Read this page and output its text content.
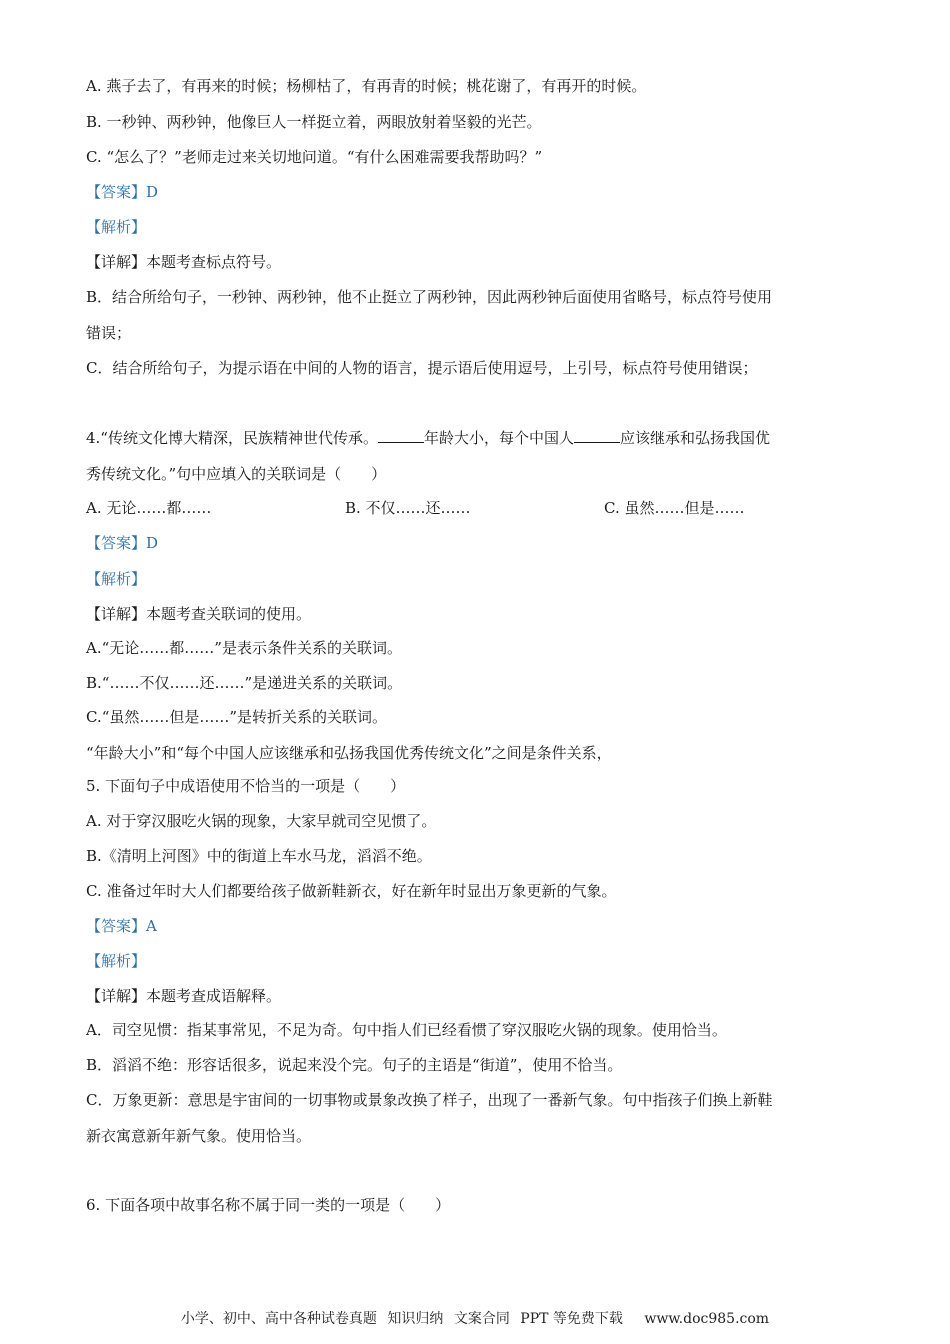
A. 燕子去了，有再来的时候；杨柳枯了，有再青的时候；桃花谢了，有再开的时候。
B. 一秒钟、两秒钟，他像巨人一样挺立着，两眼放射着坚毅的光芒。
C. “怎么了？”老师走过来关切地问道。“有什么困难需要我帮助吗？”
【答案】D
【解析】
【详解】本题考查标点符号。
B．结合所给句子，一秒钟、两秒钟，他不止挺立了两秒钟，因此两秒钟后面使用省略号，标点符号使用
错误；
C．结合所给句子，为提示语在中间的人物的语言，提示语后使用逗号，上引号，标点符号使用错误；
4.“传统文化博大精深，民族精神世代传承。	年龄大小，每个中国人	应该继承和弘扬我国优
秀传统文化。”句中应填入的关联词是（　　）
A. 无论……都……	B. 不仅……还……	C. 虽然……但是……
【答案】D
【解析】
【详解】本题考查关联词的使用。
A.“无论……都……”是表示条件关系的关联词。
B.“……不仅……还……”是递进关系的关联词。
C.“虽然……但是……”是转折关系的关联词。
“年龄大小”和“每个中国人应该继承和弘扬我国优秀传统文化”之间是条件关系，
5. 下面句子中成语使用不恰当的一项是（　　）
A. 对于穿汉服吃火锅的现象，大家早就司空见惯了。
B.《清明上河图》中的街道上车水马龙，滔滔不绝。
C. 准备过年时大人们都要给孩子做新鞋新衣，好在新年时显出万象更新的气象。
【答案】A
【解析】
【详解】本题考查成语解释。
A．司空见惯：指某事常见，不足为奇。句中指人们已经看惯了穿汉服吃火锅的现象。使用恰当。
B．滔滔不绝：形容话很多，说起来没个完。句子的主语是“街道”，使用不恰当。
C．万象更新：意思是宇宙间的一切事物或景象改换了样子，出现了一番新气象。句中指孩子们换上新鞋
新衣寓意新年新气象。使用恰当。
6. 下面各项中故事名称不属于同一类的一项是（　　）
小学、初中、高中各种试卷真题 知识归纳 文案合同 PPT 等免费下载 www.doc985.com
